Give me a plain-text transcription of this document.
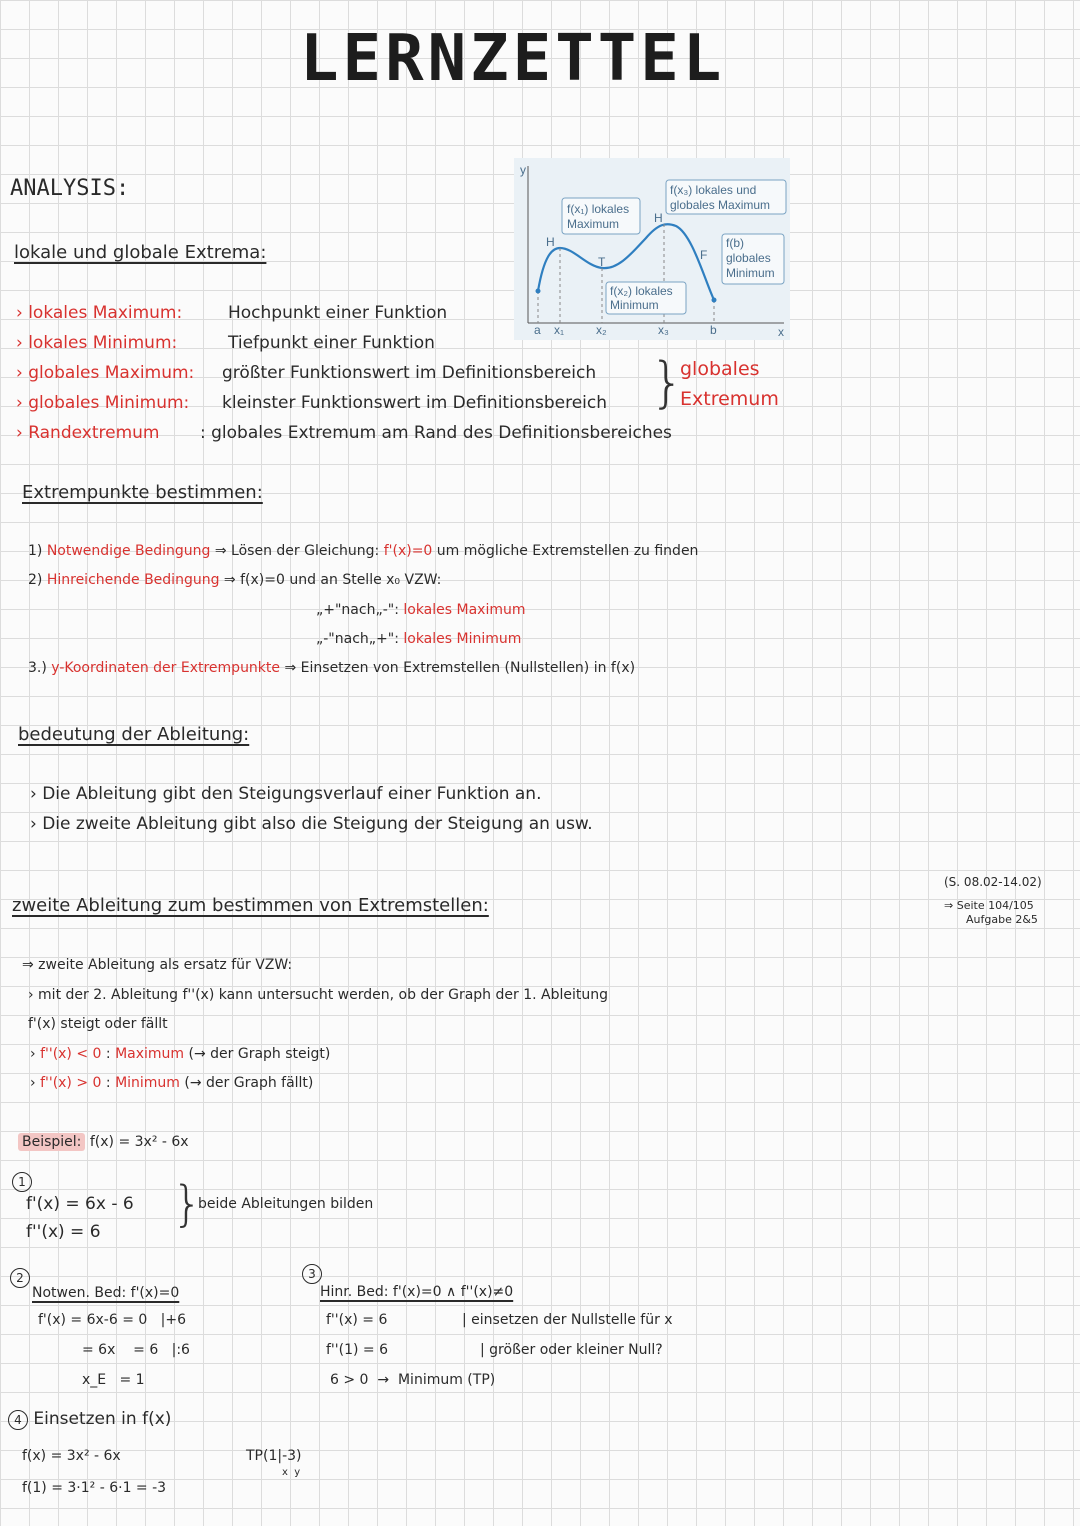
LERNZETTEL
ANALYSIS:
lokale und globale Extrema:
› lokales Maximum:	Hochpunkt einer Funktion
› lokales Minimum:	Tiefpunkt einer Funktion
› globales Maximum: größter Funktionswert im Definitionsbereich
› globales Minimum: kleinster Funktionswert im Definitionsbereich
› Randextremum : globales Extremum am Rand des Definitionsbereiches
}
globales
Extremum
y
x
H
H
T	F
f(x₁) lokales
Maximum
f(x₃) lokales und
globales Maximum
f(b)
globales
Minimum
f(x₂) lokales
Minimum
a x₁	x₂	x₃	b
Extrempunkte bestimmen:
1) Notwendige Bedingung ⇒ Lösen der Gleichung: f'(x)=0 um mögliche Extremstellen zu finden
2) Hinreichende Bedingung ⇒ f(x)=0 und an Stelle x₀ VZW:
„+"nach„-": lokales Maximum
„-"nach„+": lokales Minimum
3.) y-Koordinaten der Extrempunkte ⇒ Einsetzen von Extremstellen (Nullstellen) in f(x)
bedeutung der Ableitung:
› Die Ableitung gibt den Steigungsverlauf einer Funktion an.
› Die zweite Ableitung gibt also die Steigung der Steigung an usw.
zweite Ableitung zum bestimmen von Extremstellen:
(S. 08.02-14.02)
⇒ Seite 104/105
Aufgabe 2&5
⇒ zweite Ableitung als ersatz für VZW:
› mit der 2. Ableitung f''(x) kann untersucht werden, ob der Graph der 1. Ableitung
f'(x) steigt oder fällt
› f''(x) < 0 : Maximum (→ der Graph steigt)
› f''(x) > 0 : Minimum (→ der Graph fällt)
Beispiel: f(x) = 3x² - 6x
1
f'(x) = 6x - 6
f''(x) = 6 }
beide Ableitungen bilden
2
Notwen. Bed: f'(x)=0
f'(x) = 6x-6 = 0   |+6
= 6x    = 6   |:6
x_E   = 1
3
Hinr. Bed: f'(x)=0 ∧ f''(x)≠0
f''(x) = 6	| einsetzen der Nullstelle für x
f''(1) = 6	| größer oder kleiner Null?
6 > 0  →  Minimum (TP)
4 Einsetzen in f(x)
f(x) = 3x² - 6x
f(1) = 3·1² - 6·1 = -3
TP(1|-3)
x  y
